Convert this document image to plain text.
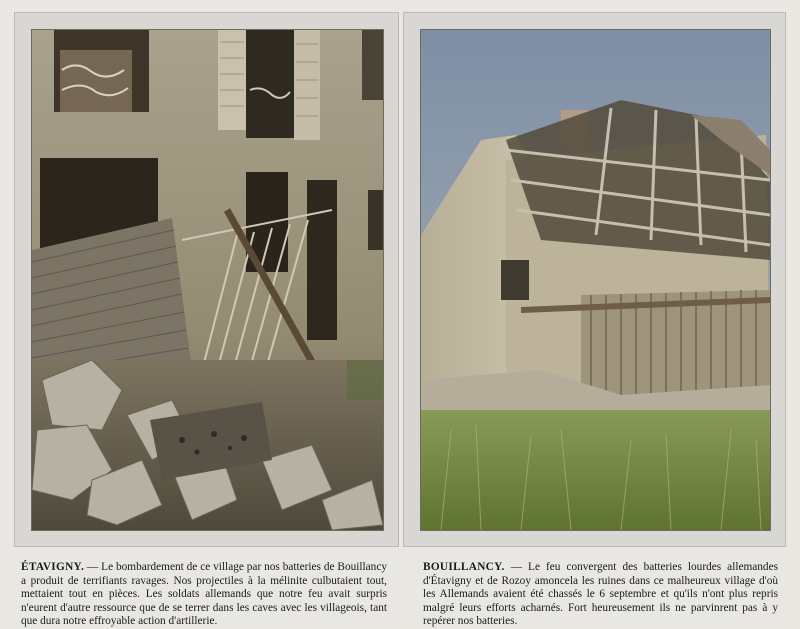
ÉTAVIGNY. — Le bombardement de ce village par nos batteries de Bouillancy a produit de terrifiants ravages. Nos projectiles à la mélinite culbutaient tout, mettaient tout en pièces. Les soldats allemands que notre feu avait surpris n'eurent d'autre ressource que de se terrer dans les caves avec les villageois, tant que dura notre effroyable action d'artillerie.
BOUILLANCY. — Le feu convergent des batteries lourdes allemandes d'Étavigny et de Rozoy amoncela les ruines dans ce malheureux village d'où les Allemands avaient été chassés le 6 septembre et qu'ils n'ont plus repris malgré leurs efforts acharnés. Fort heureusement ils ne parvinrent pas à y repérer nos batteries.
